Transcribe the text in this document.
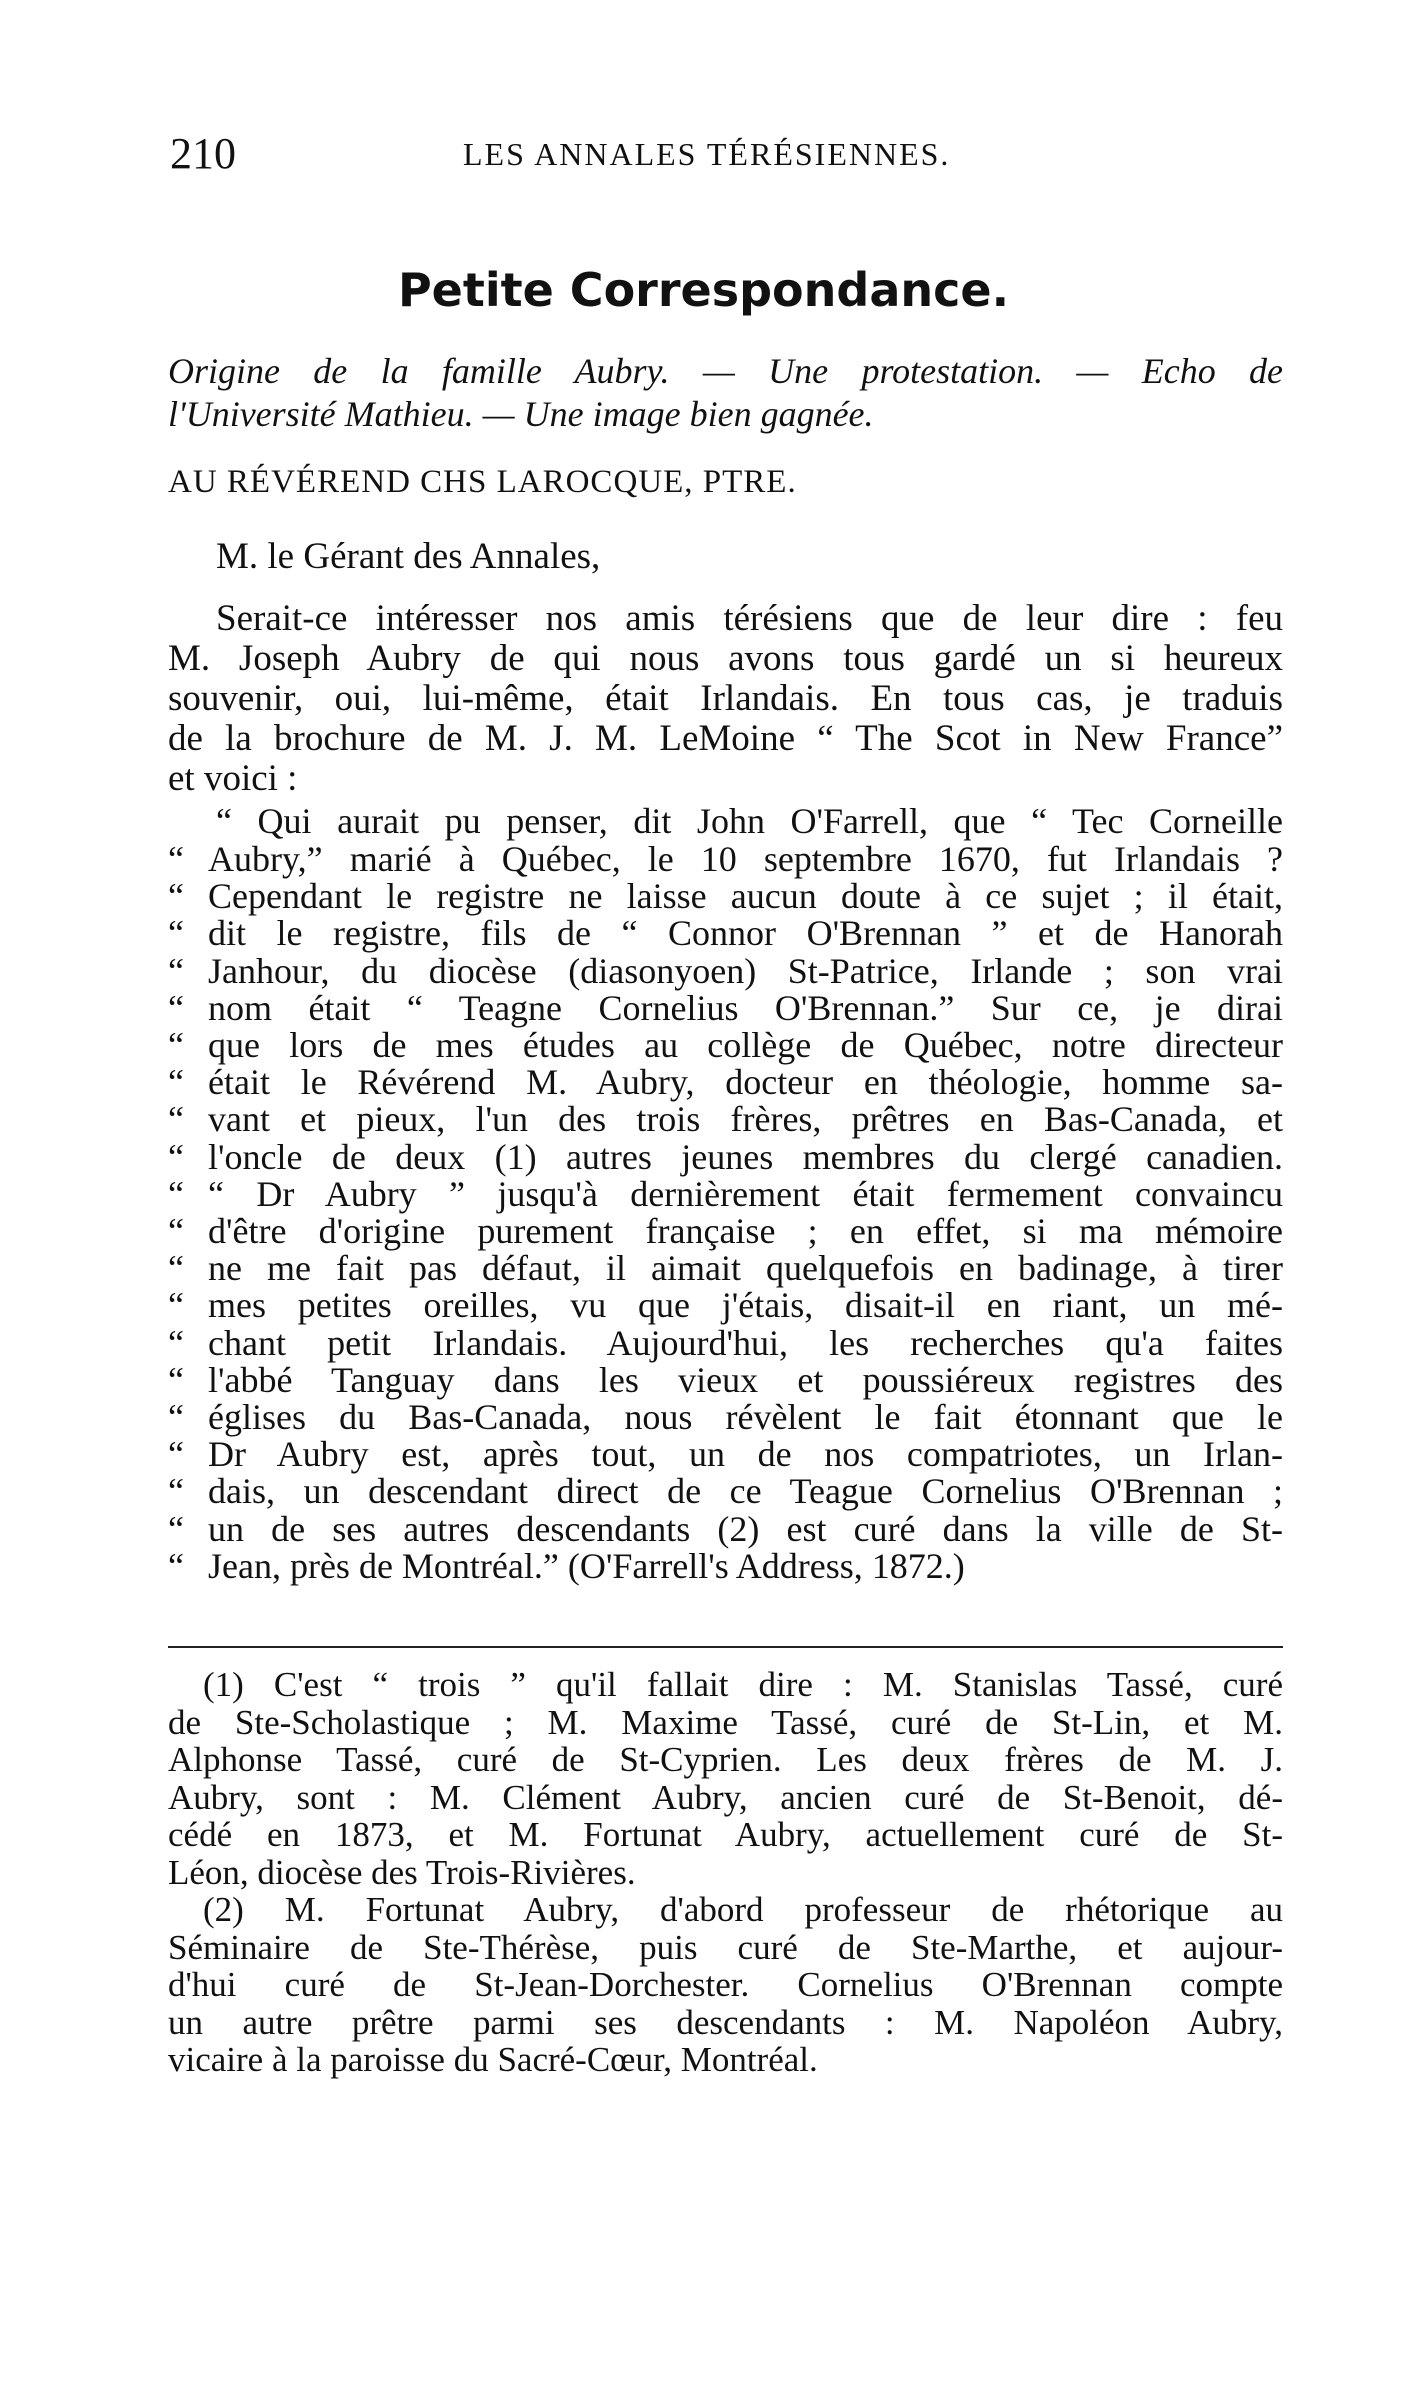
210	LES ANNALES TÉRÉSIENNES.
Petite Correspondance.
Origine de la famille Aubry. — Une protestation. — Echo de
l'Université Mathieu. — Une image bien gagnée.
AU RÉVÉREND CHS LAROCQUE, PTRE.
M. le Gérant des Annales,
Serait-ce intéresser nos amis térésiens que de leur dire : feu
M. Joseph Aubry de qui nous avons tous gardé un si heureux
souvenir, oui, lui-même, était Irlandais. En tous cas, je traduis
de la brochure de M. J. M. LeMoine “ The Scot in New France”
et voici :
“ Qui aurait pu penser, dit John O'Farrell, que “ Tec Corneille
“ Aubry,” marié à Québec, le 10 septembre 1670, fut Irlandais ?
“ Cependant le registre ne laisse aucun doute à ce sujet ; il était,
“ dit le registre, fils de “ Connor O'Brennan ” et de Hanorah
“ Janhour, du diocèse (diasonyoen) St-Patrice, Irlande ; son vrai
“ nom était “ Teagne Cornelius O'Brennan.” Sur ce, je dirai
“ que lors de mes études au collège de Québec, notre directeur
“ était le Révérend M. Aubry, docteur en théologie, homme sa-
“ vant et pieux, l'un des trois frères, prêtres en Bas-Canada, et
“ l'oncle de deux (1) autres jeunes membres du clergé canadien.
“ “ Dr Aubry ” jusqu'à dernièrement était fermement convaincu
“ d'être d'origine purement française ; en effet, si ma mémoire
“ ne me fait pas défaut, il aimait quelquefois en badinage, à tirer
“ mes petites oreilles, vu que j'étais, disait-il en riant, un mé-
“ chant petit Irlandais. Aujourd'hui, les recherches qu'a faites
“ l'abbé Tanguay dans les vieux et poussiéreux registres des
“ églises du Bas-Canada, nous révèlent le fait étonnant que le
“ Dr Aubry est, après tout, un de nos compatriotes, un Irlan-
“ dais, un descendant direct de ce Teague Cornelius O'Brennan ;
“ un de ses autres descendants (2) est curé dans la ville de St-
“ Jean, près de Montréal.” (O'Farrell's Address, 1872.)
(1) C'est “ trois ” qu'il fallait dire : M. Stanislas Tassé, curé
de Ste-Scholastique ; M. Maxime Tassé, curé de St-Lin, et M.
Alphonse Tassé, curé de St-Cyprien. Les deux frères de M. J.
Aubry, sont : M. Clément Aubry, ancien curé de St-Benoit, dé-
cédé en 1873, et M. Fortunat Aubry, actuellement curé de St-
Léon, diocèse des Trois-Rivières.
(2) M. Fortunat Aubry, d'abord professeur de rhétorique au
Séminaire de Ste-Thérèse, puis curé de Ste-Marthe, et aujour-
d'hui curé de St-Jean-Dorchester. Cornelius O'Brennan compte
un autre prêtre parmi ses descendants : M. Napoléon Aubry,
vicaire à la paroisse du Sacré-Cœur, Montréal.
